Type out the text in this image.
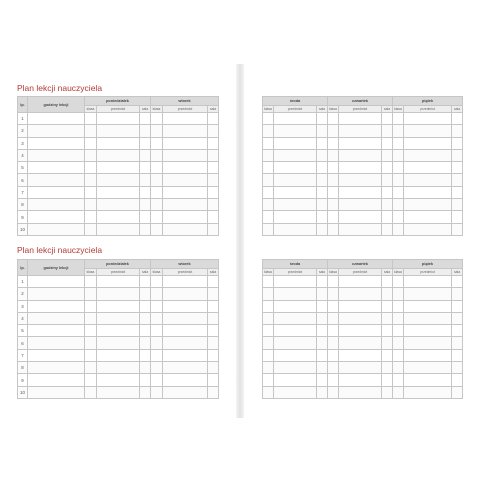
Plan lekcji nauczyciela
lp.	godziny lekcji	poniedziałek			wtorek		
		klasa	przedmiot	sala	klasa	przedmiot	sala
1							
2							
3							
4							
5							
6							
7							
8							
9							
10							
Plan lekcji nauczyciela
lp.	godziny lekcji	poniedziałek			wtorek		
		klasa	przedmiot	sala	klasa	przedmiot	sala
1							
2							
3							
4							
5							
6							
7							
8							
9							
10							
środa			czwartek			piątek		
klasa	przedmiot	sala	klasa	przedmiot	sala	klasa	przedmiot	sala

środa			czwartek			piątek		
klasa	przedmiot	sala	klasa	przedmiot	sala	klasa	przedmiot	sala
